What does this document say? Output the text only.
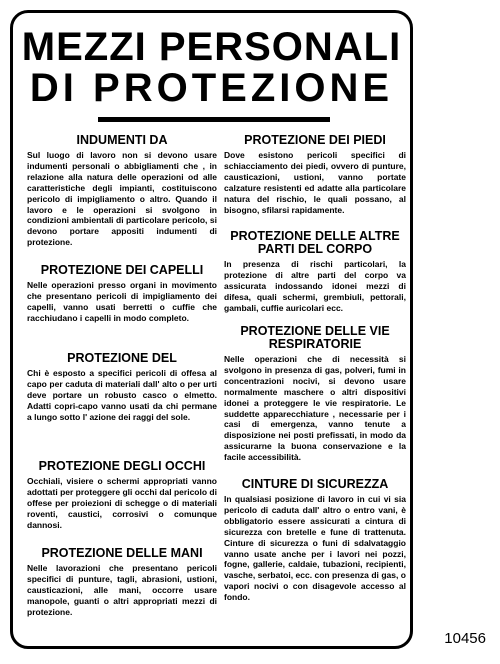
MEZZI PERSONALI
DI PROTEZIONE
INDUMENTI DA

Sul luogo di lavoro non si devono usare indumenti personali o abbigliamenti che , in relazione alla natura delle operazioni od alle caratteristiche degli impianti, costituiscono pericolo di impigliamento o altro. Quando il lavoro e le operazioni si svolgono in condizioni ambientali di particolare pericolo, si devono portare appositi indumenti di protezione.

PROTEZIONE DEI CAPELLI

Nelle operazioni presso organi in movimento che presentano pericoli di impigliamento dei capelli, vanno usati berretti o cuffie che racchiudano i capelli in modo completo.

PROTEZIONE DEL

Chi è esposto a specifici pericoli di offesa al capo per caduta di materiali dall' alto o per urti deve portare un robusto casco o elmetto. Adatti copri-capo vanno usati da chi permane a lungo sotto l' azione dei raggi del sole.

PROTEZIONE DEGLI OCCHI

Occhiali, visiere o schermi appropriati vanno adottati per proteggere gli occhi dal pericolo di offese per proiezioni di schegge o di materiali roventi, caustici, corrosivi o comunque dannosi.

PROTEZIONE DELLE MANI

Nelle lavorazioni che presentano pericoli specifici di punture, tagli, abrasioni, ustioni, causticazioni, alle mani, occorre usare manopole, guanti o altri appropriati mezzi di protezione.

PROTEZIONE DEI PIEDI

Dove esistono pericoli specifici di schiacciamento dei piedi, ovvero di punture, causticazioni, ustioni, vanno portate calzature resistenti ed adatte alla particolare natura del rischio, le quali possano, al bisogno, sfilarsi rapidamente.

PROTEZIONE DELLE ALTRE PARTI DEL CORPO

In presenza di rischi particolari, la protezione di altre parti del corpo va assicurata indossando idonei mezzi di difesa, quali schermi, grembiuli, pettorali, gambali, cuffie auricolari ecc.

PROTEZIONE DELLE VIE RESPIRATORIE

Nelle operazioni che di necessità si svolgono in presenza di gas, polveri, fumi in concentrazioni nocivi, si devono usare normalmente maschere o altri dispositivi idonei a proteggere le vie respiratorie. Le suddette apparecchiature , necessarie per i casi di emergenza, vanno tenute a disposizione nei posti prefissati, in modo da assicurarne la buona conservazione e la facile accessibilità.

CINTURE DI SICUREZZA

In qualsiasi posizione di lavoro in cui vi sia pericolo di caduta dall' altro o entro vani, è obbligatorio essere assicurati a cintura di sicurezza con bretelle e fune di trattenuta. Cinture di sicurezza o funi di sdalvataggio vanno usate anche per i lavori nei pozzi, fogne, gallerie, caldaie, tubazioni, recipienti, vasche, serbatoi, ecc. con presenza di gas, o vapori nocivi o con disagevole accesso al fondo.

10456
